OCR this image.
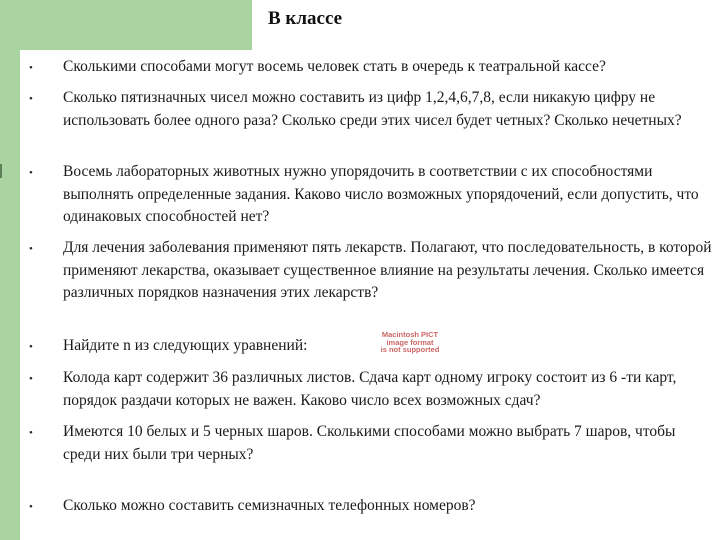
В классе
• Сколькими способами могут восемь человек стать в очередь к театральной кассе?
• Сколько пятизначных чисел можно составить из цифр 1,2,4,6,7,8, если никакую цифру не использовать более одного раза? Сколько среди этих чисел будет четных? Сколько нечетных?
• Восемь лабораторных животных нужно упорядочить в соответствии с их способностями выполнять определенные задания. Каково число возможных упорядочений, если допустить, что одинаковых способностей нет?
• Для лечения заболевания применяют пять лекарств. Полагают, что последовательность, в которой применяют лекарства, оказывает существенное влияние на результаты лечения. Сколько имеется различных порядков назначения этих лекарств?
• Найдите n из следующих уравнений:
Macintosh PICT
image format
is not supported
• Колода карт содержит 36 различных листов. Сдача карт одному игроку состоит из 6 -ти карт, порядок раздачи которых не важен. Каково число всех возможных сдач?
• Имеются 10 белых и 5 черных шаров. Сколькими способами можно выбрать 7 шаров, чтобы среди них были три черных?
• Сколько можно составить семизначных телефонных номеров?
